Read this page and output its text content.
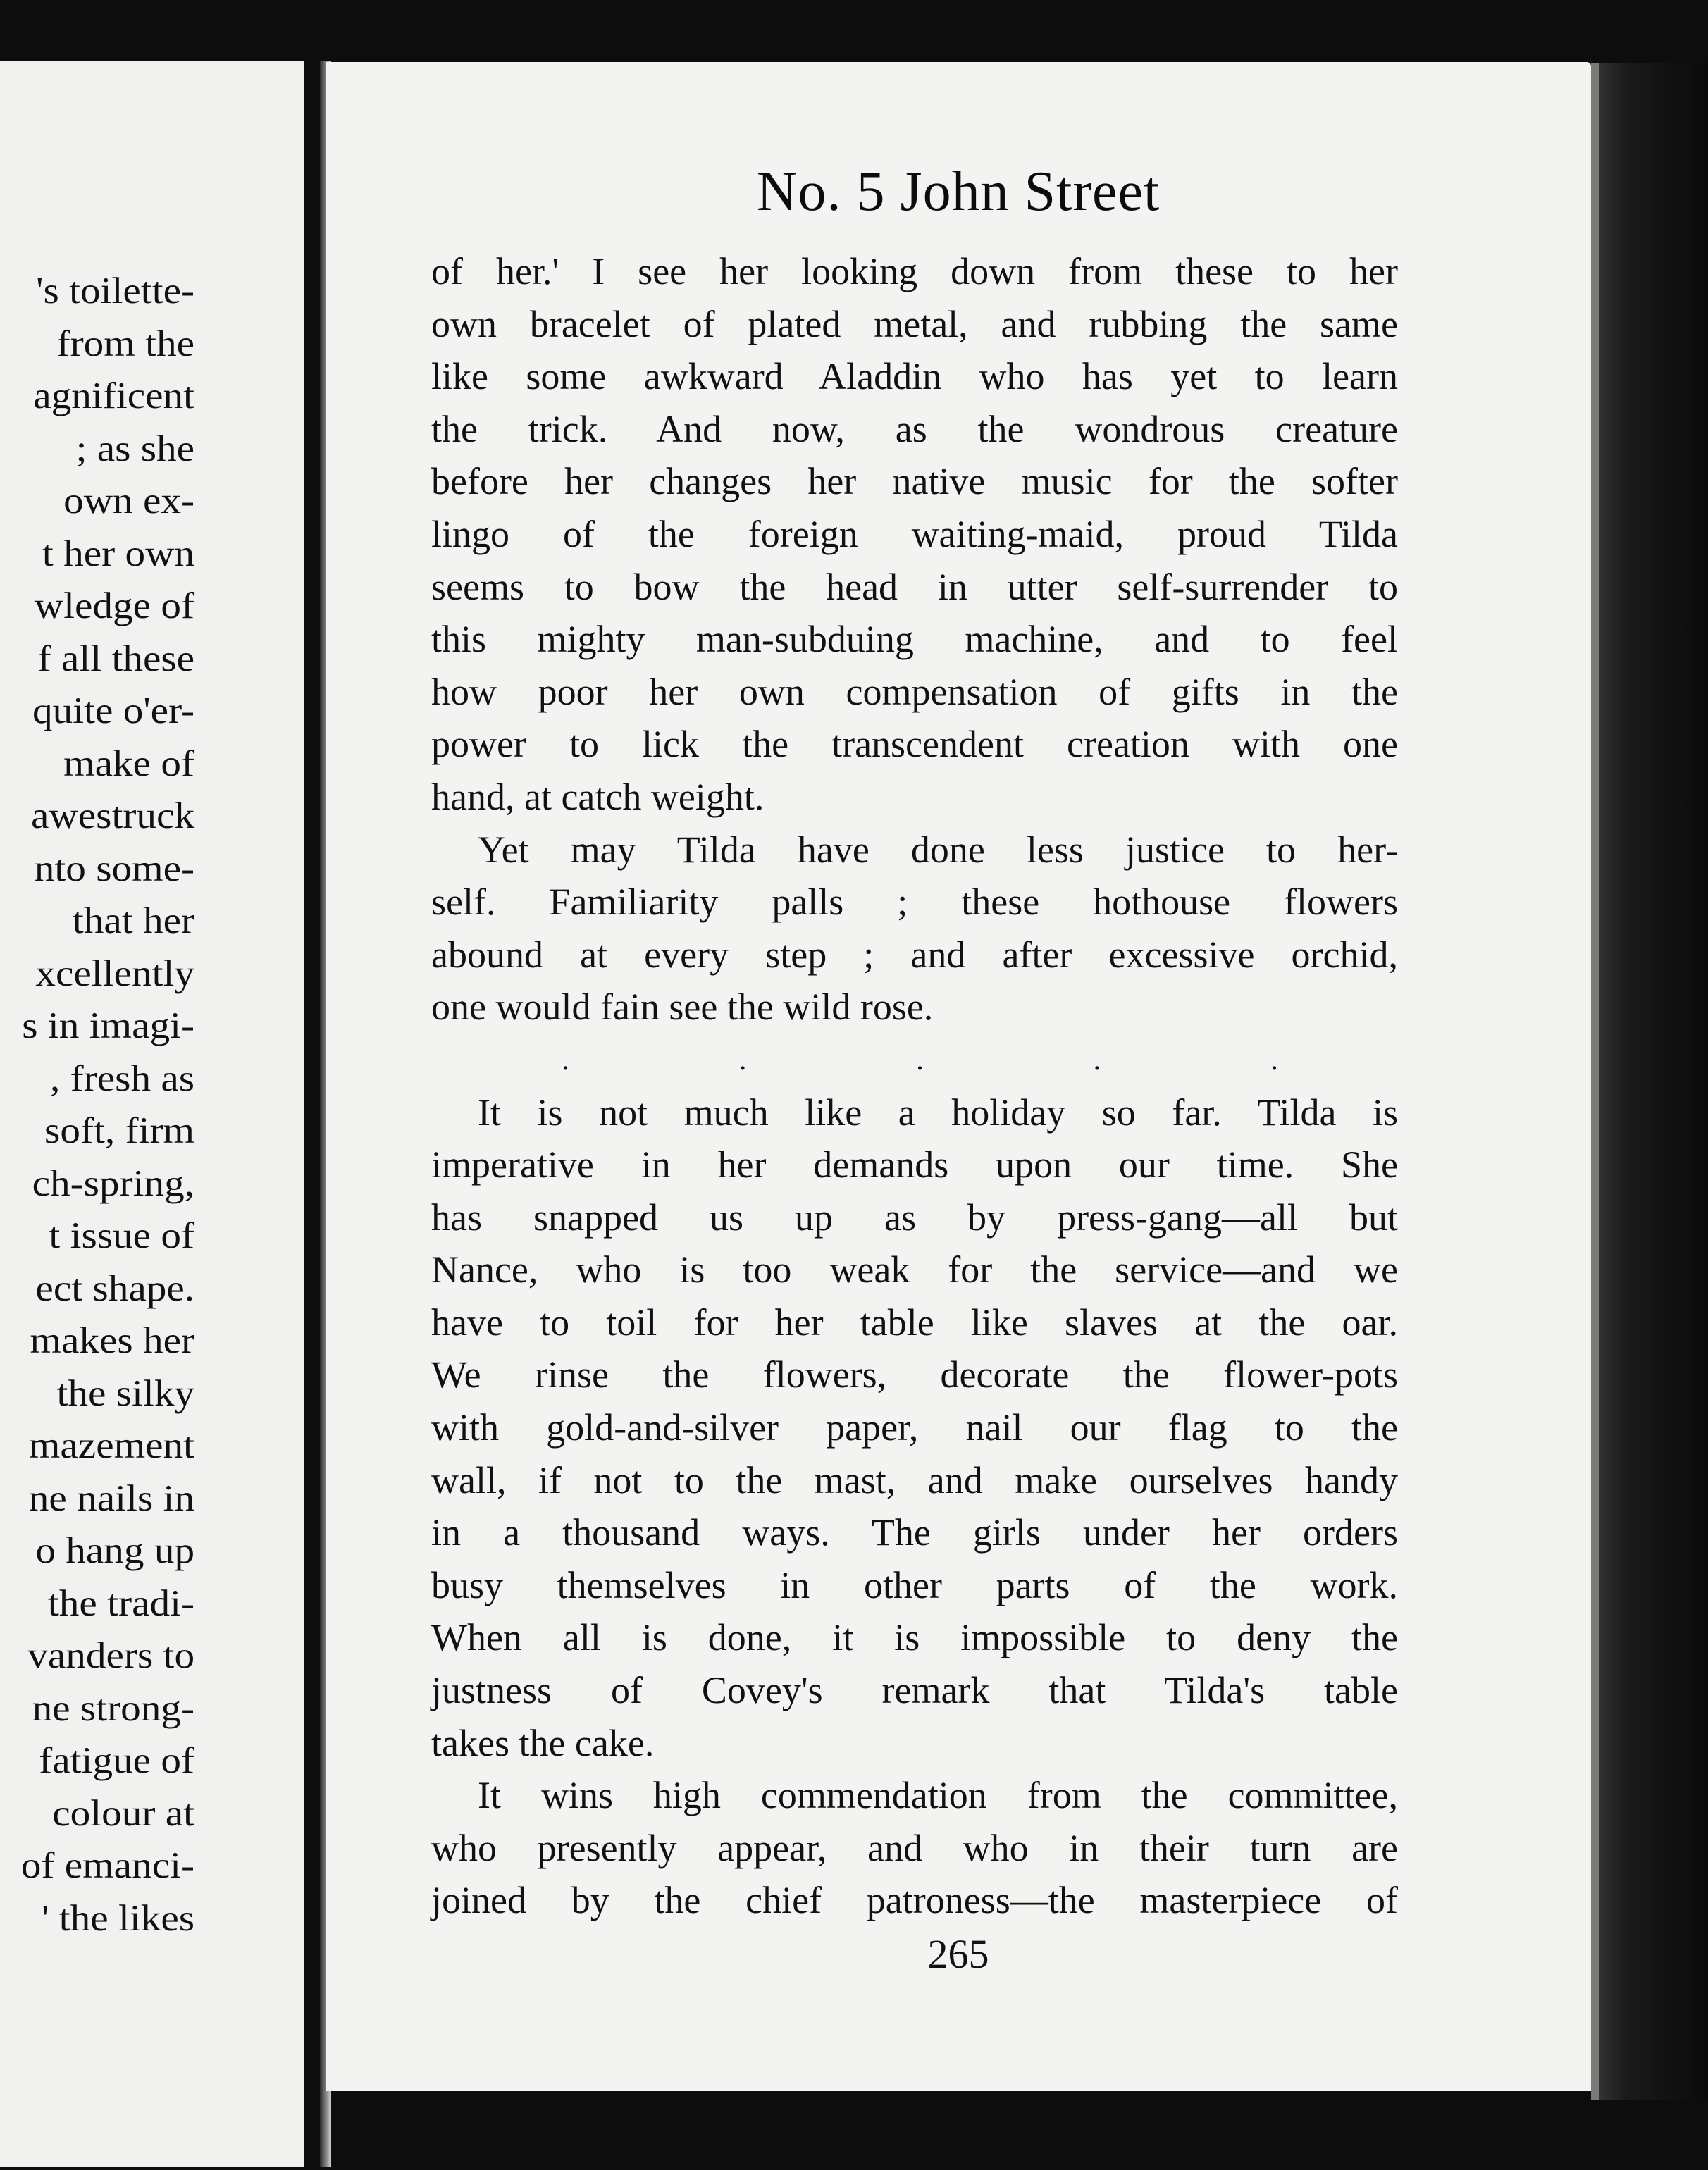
's toilette-
from the
agnificent
; as she
own ex-
t her own
wledge of
f all these
quite o'er-
make of
awestruck
nto some-
that her
xcellently
s in imagi-
, fresh as
soft, firm
ch-spring,
t issue of
ect shape.
makes her
the silky
mazement
ne nails in
o hang up
the tradi-
vanders to
ne strong-
fatigue of
colour at
of emanci-
' the likes
No. 5 John Street
of her.' I see her looking down from these to her
own bracelet of plated metal, and rubbing the same
like some awkward Aladdin who has yet to learn
the trick. And now, as the wondrous creature
before her changes her native music for the softer
lingo of the foreign waiting-maid, proud Tilda
seems to bow the head in utter self-surrender to
this mighty man-subduing machine, and to feel
how poor her own compensation of gifts in the
power to lick the transcendent creation with one
hand, at catch weight.
Yet may Tilda have done less justice to her-
self. Familiarity palls ; these hothouse flowers
abound at every step ; and after excessive orchid,
one would fain see the wild rose.
. . . . .
It is not much like a holiday so far. Tilda is
imperative in her demands upon our time. She
has snapped us up as by press-gang—all but
Nance, who is too weak for the service—and we
have to toil for her table like slaves at the oar.
We rinse the flowers, decorate the flower-pots
with gold-and-silver paper, nail our flag to the
wall, if not to the mast, and make ourselves handy
in a thousand ways. The girls under her orders
busy themselves in other parts of the work.
When all is done, it is impossible to deny the
justness of Covey's remark that Tilda's table
takes the cake.
It wins high commendation from the committee,
who presently appear, and who in their turn are
joined by the chief patroness—the masterpiece of

265
